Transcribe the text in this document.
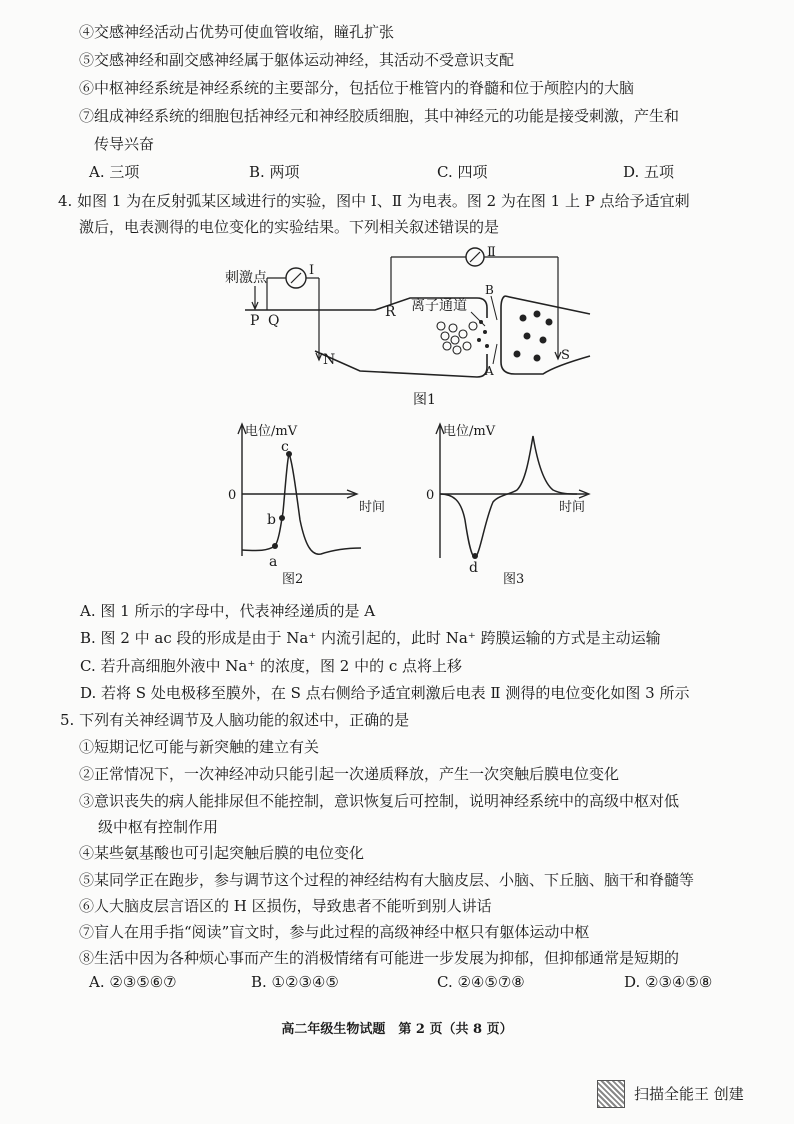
④交感神经活动占优势可使血管收缩，瞳孔扩张
⑤交感神经和副交感神经属于躯体运动神经，其活动不受意识支配
⑥中枢神经系统是神经系统的主要部分，包括位于椎管内的脊髓和位于颅腔内的大脑
⑦组成神经系统的细胞包括神经元和神经胶质细胞，其中神经元的功能是接受刺激，产生和
传导兴奋
A. 三项	B. 两项	C. 四项	D. 五项
4. 如图 1 为在反射弧某区域进行的实验，图中 Ⅰ、Ⅱ 为电表。图 2 为在图 1 上 P 点给予适宜刺
激后，电表测得的电位变化的实验结果。下列相关叙述错误的是
刺激点
P Q
Ⅰ
N
Ⅱ
R 离子通道
B
A
S
图1
电位/mV
0
时间
a
b
c
图2
电位/mV
0
时间
d
图3
A. 图 1 所示的字母中，代表神经递质的是 A
B. 图 2 中 ac 段的形成是由于 Na⁺ 内流引起的，此时 Na⁺ 跨膜运输的方式是主动运输
C. 若升高细胞外液中 Na⁺ 的浓度，图 2 中的 c 点将上移
D. 若将 S 处电极移至膜外，在 S 点右侧给予适宜刺激后电表 Ⅱ 测得的电位变化如图 3 所示
5. 下列有关神经调节及人脑功能的叙述中，正确的是
①短期记忆可能与新突触的建立有关
②正常情况下，一次神经冲动只能引起一次递质释放，产生一次突触后膜电位变化
③意识丧失的病人能排尿但不能控制，意识恢复后可控制，说明神经系统中的高级中枢对低
级中枢有控制作用
④某些氨基酸也可引起突触后膜的电位变化
⑤某同学正在跑步，参与调节这个过程的神经结构有大脑皮层、小脑、下丘脑、脑干和脊髓等
⑥人大脑皮层言语区的 H 区损伤，导致患者不能听到别人讲话
⑦盲人在用手指“阅读”盲文时，参与此过程的高级神经中枢只有躯体运动中枢
⑧生活中因为各种烦心事而产生的消极情绪有可能进一步发展为抑郁，但抑郁通常是短期的
A. ②③⑤⑥⑦	B. ①②③④⑤	C. ②④⑤⑦⑧	D. ②③④⑤⑧
高二年级生物试题　第 2 页（共 8 页）
扫描全能王 创建
